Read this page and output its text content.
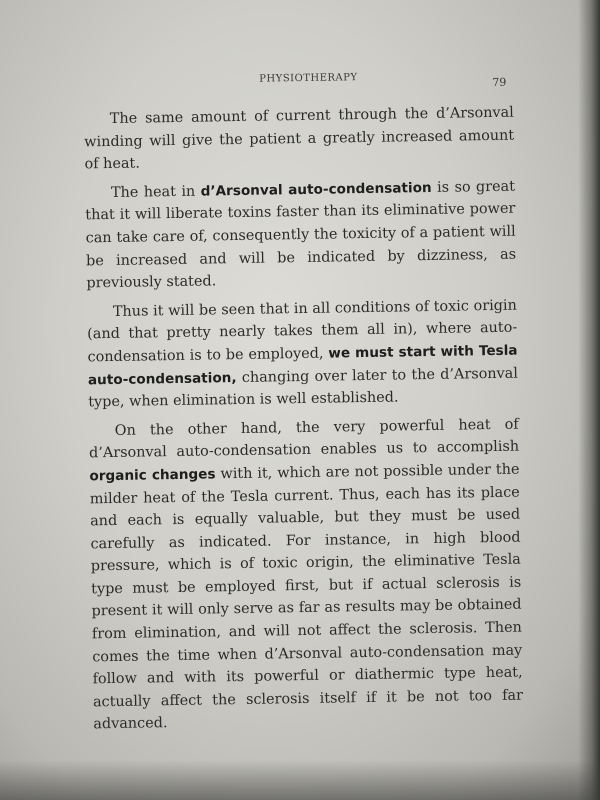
PHYSIOTHERAPY	79

The same amount of current through the d’Arsonval winding will give the patient a greatly increased amount of heat.

The heat in d’Arsonval auto-condensation is so great that it will liberate toxins faster than its eliminative power can take care of, consequently the toxicity of a patient will be increased and will be indicated by dizziness, as previously stated.

Thus it will be seen that in all conditions of toxic origin (and that pretty nearly takes them all in), where auto-condensation is to be employed, we must start with Tesla auto-condensation, changing over later to the d’Arsonval type, when elimination is well established.

On the other hand, the very powerful heat of d’Arsonval auto-condensation enables us to accomplish organic changes with it, which are not possible under the milder heat of the Tesla current. Thus, each has its place and each is equally valuable, but they must be used carefully as indicated. For instance, in high blood pressure, which is of toxic origin, the eliminative Tesla type must be employed first, but if actual sclerosis is present it will only serve as far as results may be obtained from elimination, and will not affect the sclerosis. Then comes the time when d’Arsonval auto-condensation may follow and with its powerful or diathermic type heat, actually affect the sclerosis itself if it be not too far advanced.
